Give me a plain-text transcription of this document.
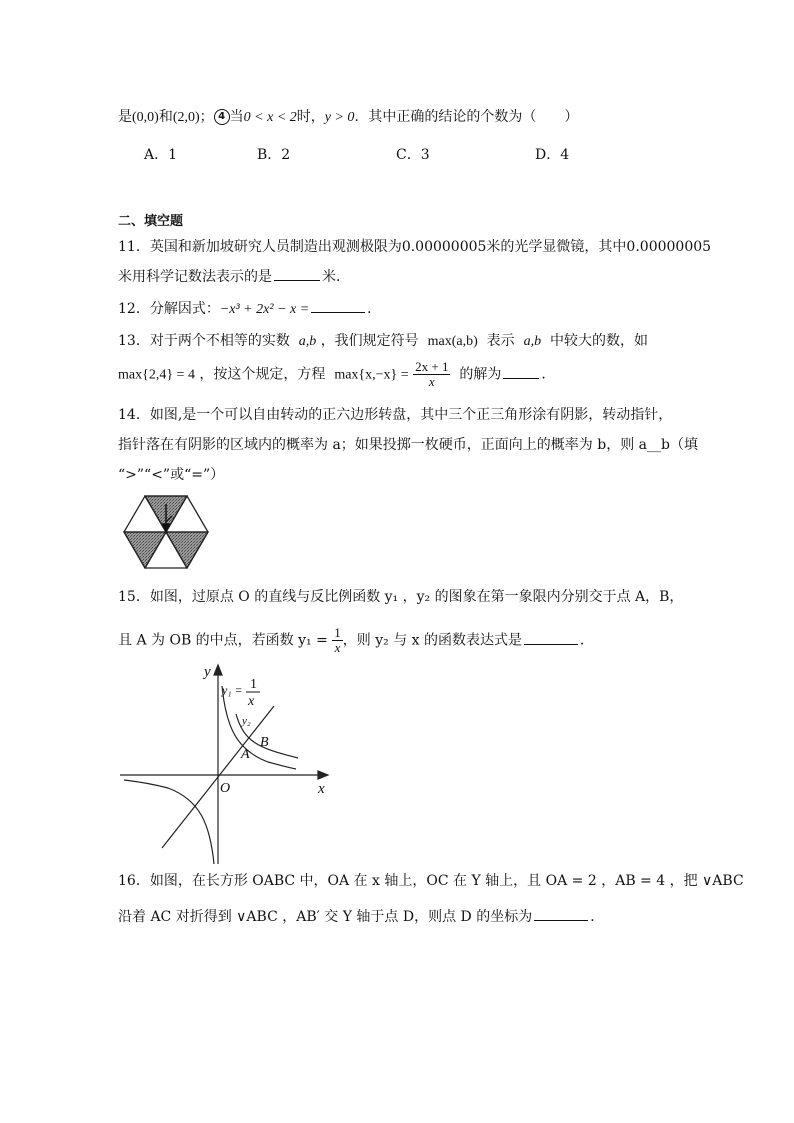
是(0,0)和(2,0)； 4 当0 < x < 2时，y > 0．其中正确的结论的个数为（　　）
A．1	B．2	C．3	D．4
二、填空题
11．英国和新加坡研究人员制造出观测极限为0.00000005米的光学显微镜，其中0.00000005
米用科学记数法表示的是	米．
12．分解因式：−x³ + 2x² − x =	．
13．对于两个不相等的实数 a,b ，我们规定符号 max(a,b) 表示 a,b 中较大的数，如
max{2,4} = 4 ，按这个规定，方程 $\max\{x,-x\} = \frac{2x + 1}{x}$ 的解为	．
14．如图,是一个可以自由转动的正六边形转盘，其中三个正三角形涂有阴影，转动指针，
指针落在有阴影的区域内的概率为 a；如果投掷一枚硬币，正面向上的概率为 b，则 a__b（填
“>”“<”或“=”）
15．如图，过原点 O 的直线与反比例函数 y₁ ，y₂ 的图象在第一象限内分别交于点 A，B，
且 A 为 OB 的中点，若函数 $y_1 = \frac{1}{x}$ ，则 y₂ 与 x 的函数表达式是	．
y
x
O
y₁ = 1
x
y₂
B
A
16．如图，在长方形 OABC 中，OA 在 x 轴上，OC 在 Y 轴上，且 OA = 2 ，AB = 4 ，把 ∨ABC
沿着 AC 对折得到 ∨ABC ，AB′ 交 Y 轴于点 D，则点 D 的坐标为	．
